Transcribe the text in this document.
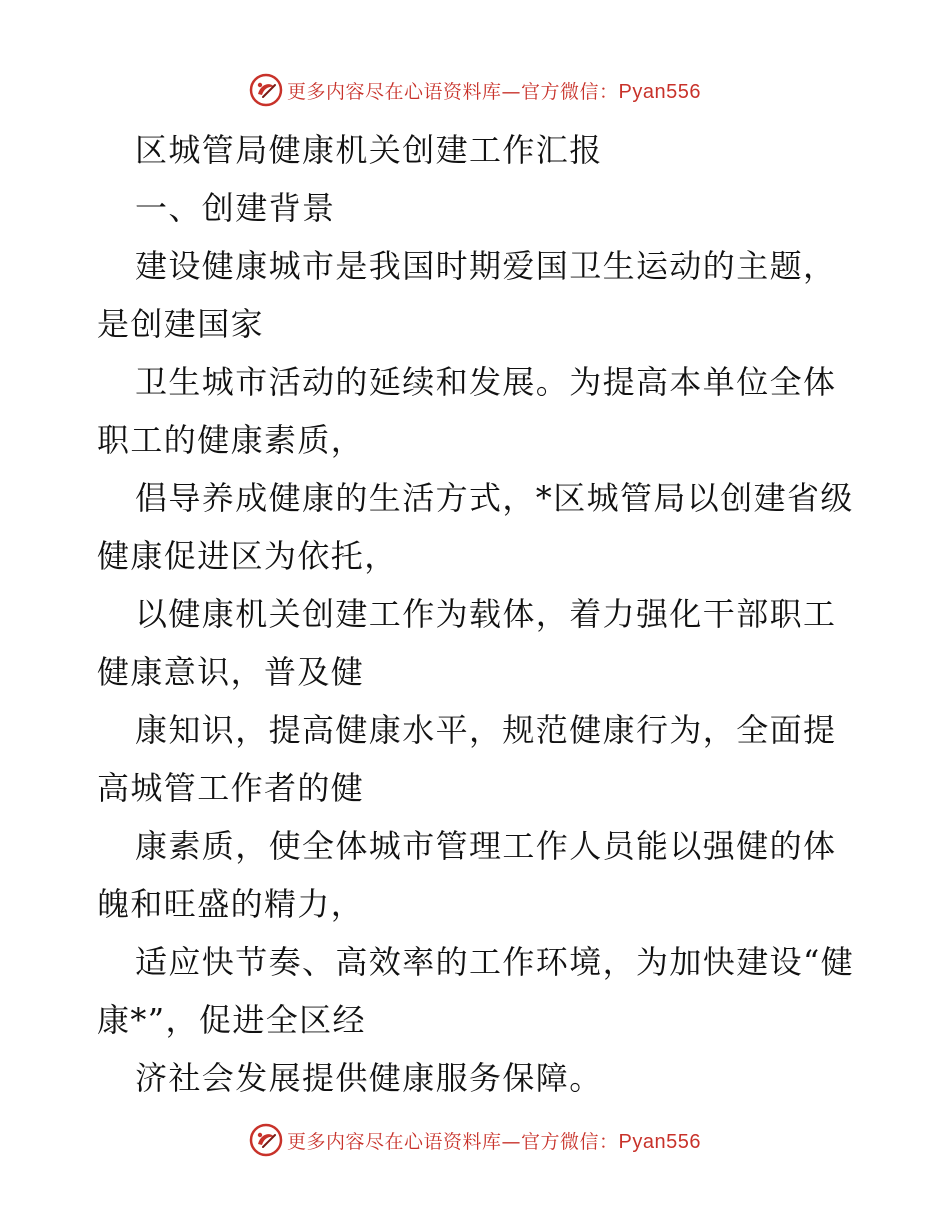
更多内容尽在心语资料库—官方微信：Pyan556

区城管局健康机关创建工作汇报

一、创建背景

建设健康城市是我国时期爱国卫生运动的主题，是创建国家

卫生城市活动的延续和发展。为提高本单位全体职工的健康素质，

倡导养成健康的生活方式，*区城管局以创建省级健康促进区为依托，

以健康机关创建工作为载体，着力强化干部职工健康意识，普及健

康知识，提高健康水平，规范健康行为，全面提高城管工作者的健

康素质，使全体城市管理工作人员能以强健的体魄和旺盛的精力，

适应快节奏、高效率的工作环境，为加快建设“健康*”，促进全区经

济社会发展提供健康服务保障。

更多内容尽在心语资料库—官方微信：Pyan556
